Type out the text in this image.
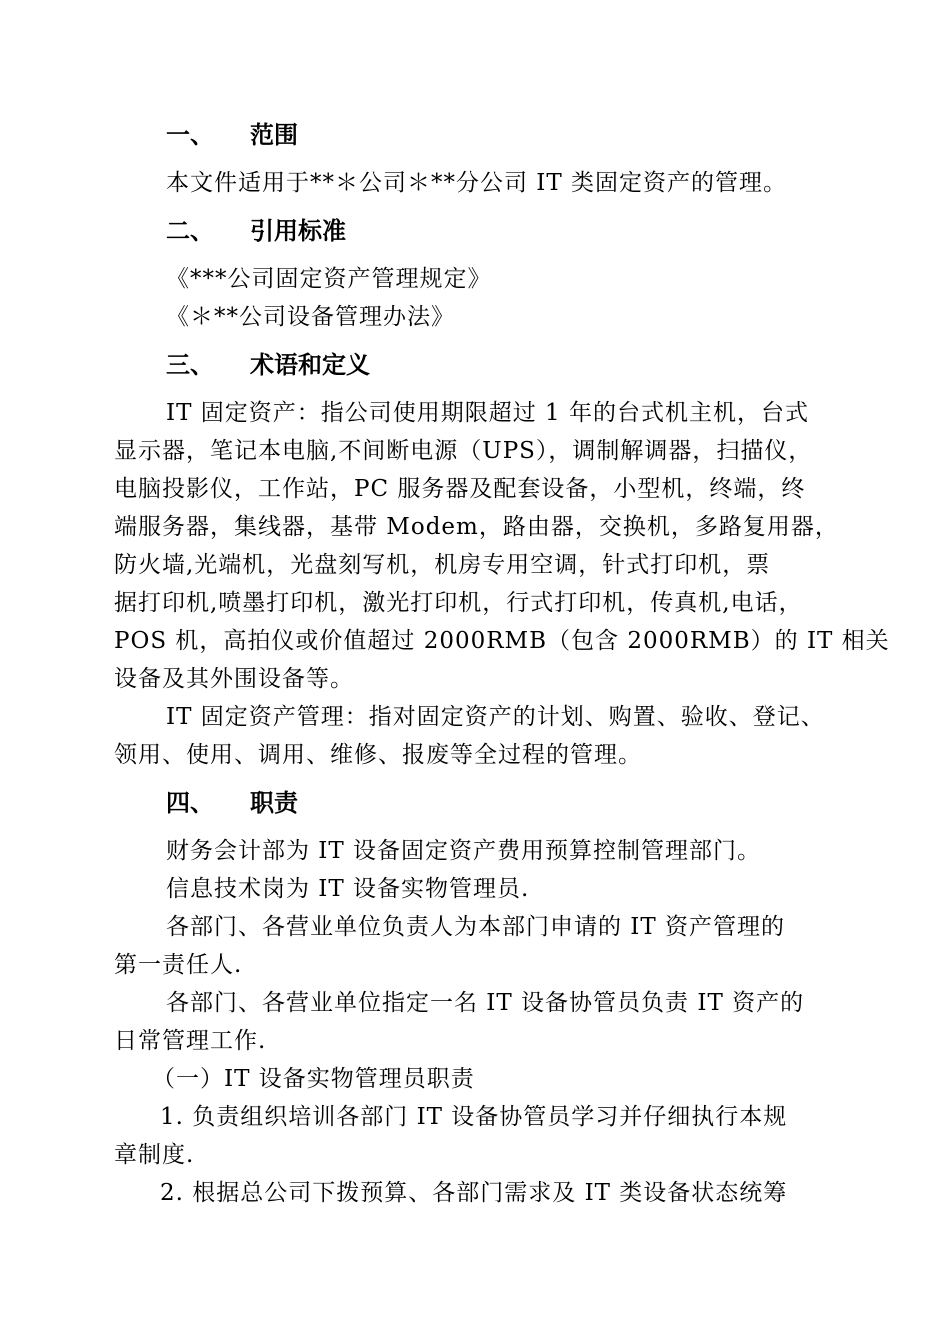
一、 范围
本文件适用于**＊公司＊**分公司 IT 类固定资产的管理。
二、 引用标准
《***公司固定资产管理规定》
《＊**公司设备管理办法》
三、 术语和定义
IT 固定资产：指公司使用期限超过 1 年的台式机主机，台式
显示器，笔记本电脑,不间断电源（UPS），调制解调器，扫描仪，
电脑投影仪，工作站，PC 服务器及配套设备，小型机，终端，终
端服务器，集线器，基带 Modem，路由器，交换机，多路复用器，
防火墙,光端机，光盘刻写机，机房专用空调，针式打印机，票
据打印机,喷墨打印机，激光打印机，行式打印机，传真机,电话，
POS 机，高拍仪或价值超过 2000RMB（包含 2000RMB）的 IT 相关
设备及其外围设备等。
IT 固定资产管理：指对固定资产的计划、购置、验收、登记、
领用、使用、调用、维修、报废等全过程的管理。
四、 职责
财务会计部为 IT 设备固定资产费用预算控制管理部门。
信息技术岗为 IT 设备实物管理员.
各部门、各营业单位负责人为本部门申请的 IT 资产管理的
第一责任人.
各部门、各营业单位指定一名 IT 设备协管员负责 IT 资产的
日常管理工作.
（一）IT 设备实物管理员职责
1. 负责组织培训各部门 IT 设备协管员学习并仔细执行本规
章制度.
2. 根据总公司下拨预算、各部门需求及 IT 类设备状态统筹
